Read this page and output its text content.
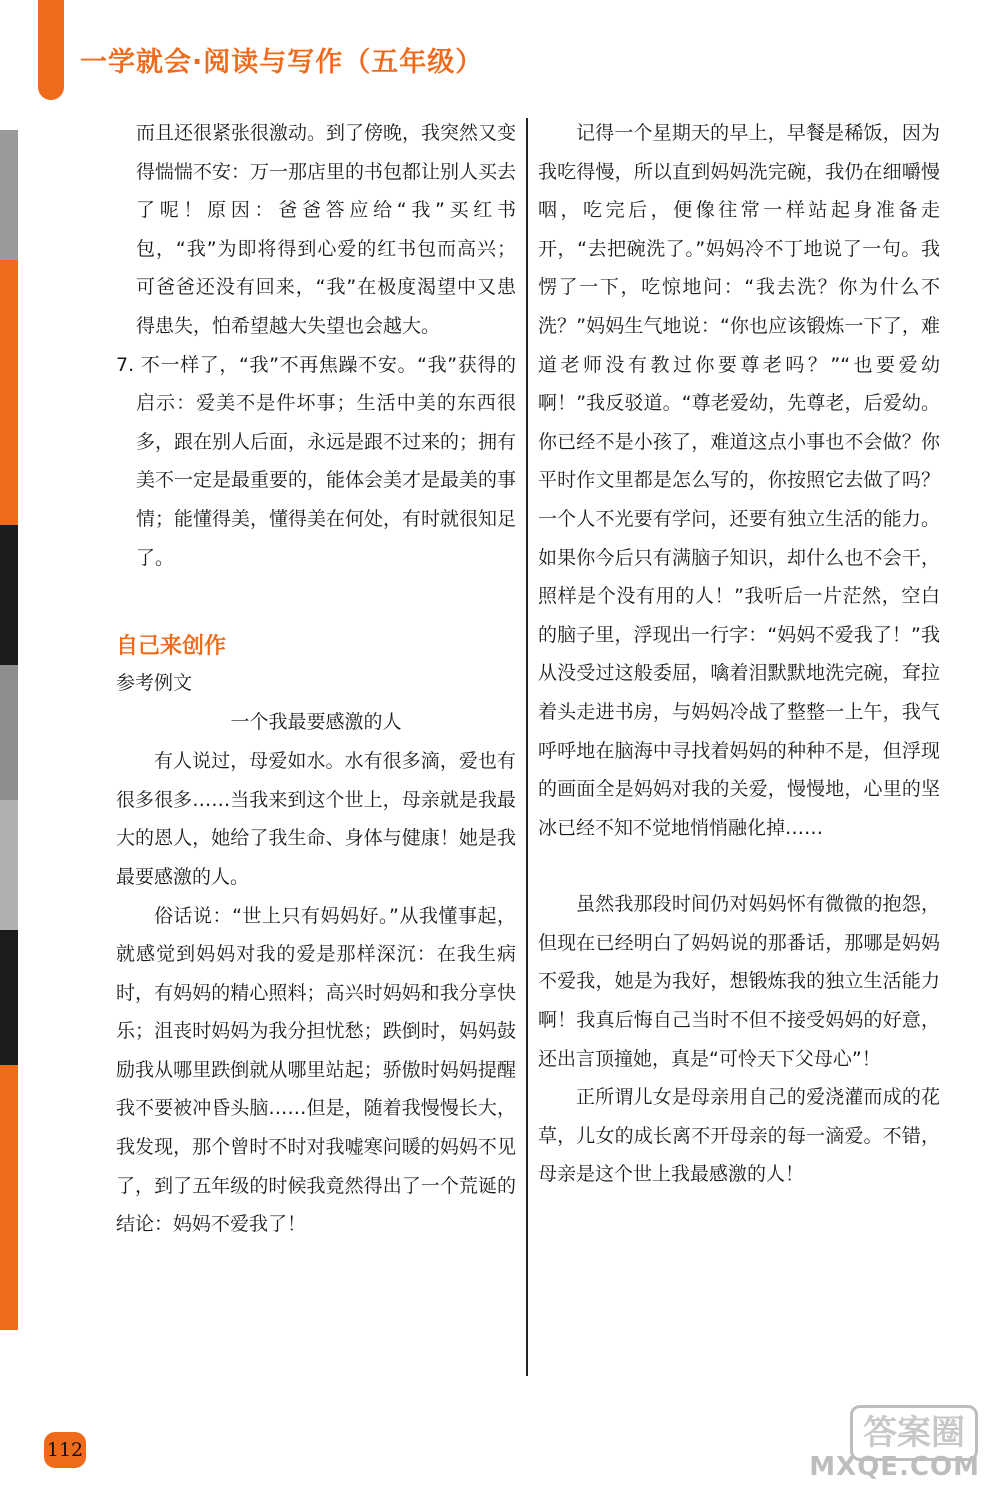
一学就会·阅读与写作（五年级）

而且还很紧张很激动。到了傍晚，我突然又变得惴惴不安：万一那店里的书包都让别人买去了呢！原因：爸爸答应给“我”买红书包，“我”为即将得到心爱的红书包而高兴；可爸爸还没有回来，“我”在极度渴望中又患得患失，怕希望越大失望也会越大。

7. 不一样了，“我”不再焦躁不安。“我”获得的启示：爱美不是件坏事；生活中美的东西很多，跟在别人后面，永远是跟不过来的；拥有美不一定是最重要的，能体会美才是最美的事情；能懂得美，懂得美在何处，有时就很知足了。

自己来创作
参考例文
一个我最要感激的人

有人说过，母爱如水。水有很多滴，爱也有很多很多……当我来到这个世上，母亲就是我最大的恩人，她给了我生命、身体与健康！她是我最要感激的人。

俗话说：“世上只有妈妈好。”从我懂事起，就感觉到妈妈对我的爱是那样深沉：在我生病时，有妈妈的精心照料；高兴时妈妈和我分享快乐；沮丧时妈妈为我分担忧愁；跌倒时，妈妈鼓励我从哪里跌倒就从哪里站起；骄傲时妈妈提醒我不要被冲昏头脑……但是，随着我慢慢长大，我发现，那个曾时不时对我嘘寒问暖的妈妈不见了，到了五年级的时候我竟然得出了一个荒诞的结论：妈妈不爱我了！

记得一个星期天的早上，早餐是稀饭，因为我吃得慢，所以直到妈妈洗完碗，我仍在细嚼慢咽，吃完后，便像往常一样站起身准备走开，“去把碗洗了。”妈妈冷不丁地说了一句。我愣了一下，吃惊地问：“我去洗？你为什么不洗？”妈妈生气地说：“你也应该锻炼一下了，难道老师没有教过你要尊老吗？”“也要爱幼啊！”我反驳道。“尊老爱幼，先尊老，后爱幼。你已经不是小孩了，难道这点小事也不会做？你平时作文里都是怎么写的，你按照它去做了吗？一个人不光要有学问，还要有独立生活的能力。如果你今后只有满脑子知识，却什么也不会干，照样是个没有用的人！”我听后一片茫然，空白的脑子里，浮现出一行字：“妈妈不爱我了！”我从没受过这般委屈，噙着泪默默地洗完碗，耷拉着头走进书房，与妈妈冷战了整整一上午，我气呼呼地在脑海中寻找着妈妈的种种不是，但浮现的画面全是妈妈对我的关爱，慢慢地，心里的坚冰已经不知不觉地悄悄融化掉……

虽然我那段时间仍对妈妈怀有微微的抱怨，但现在已经明白了妈妈说的那番话，那哪是妈妈不爱我，她是为我好，想锻炼我的独立生活能力啊！我真后悔自己当时不但不接受妈妈的好意，还出言顶撞她，真是“可怜天下父母心”！

正所谓儿女是母亲用自己的爱浇灌而成的花草，儿女的成长离不开母亲的每一滴爱。不错，母亲是这个世上我最感激的人！

112	答案圈
MXQE.COM
